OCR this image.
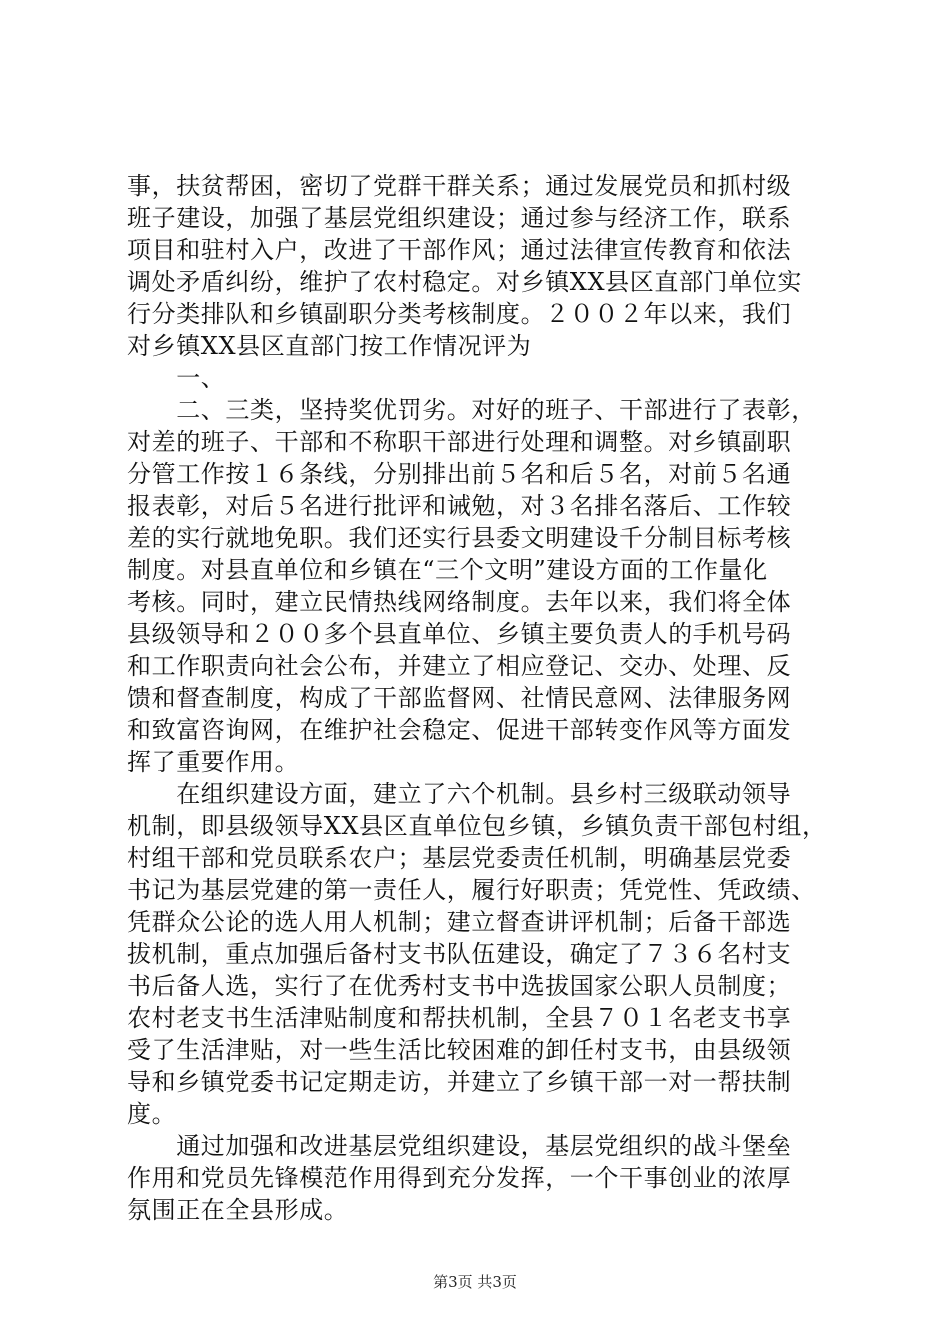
事，扶贫帮困，密切了党群干群关系；通过发展党员和抓村级
班子建设，加强了基层党组织建设；通过参与经济工作，联系
项目和驻村入户，改进了干部作风；通过法律宣传教育和依法
调处矛盾纠纷，维护了农村稳定。对乡镇XX县区直部门单位实
行分类排队和乡镇副职分类考核制度。２００２年以来，我们
对乡镇XX县区直部门按工作情况评为
　　一、
　　二、三类，坚持奖优罚劣。对好的班子、干部进行了表彰，
对差的班子、干部和不称职干部进行处理和调整。对乡镇副职
分管工作按１６条线，分别排出前５名和后５名，对前５名通
报表彰，对后５名进行批评和诫勉，对３名排名落后、工作较
差的实行就地免职。我们还实行县委文明建设千分制目标考核
制度。对县直单位和乡镇在“三个文明”建设方面的工作量化
考核。同时，建立民情热线网络制度。去年以来，我们将全体
县级领导和２００多个县直单位、乡镇主要负责人的手机号码
和工作职责向社会公布，并建立了相应登记、交办、处理、反
馈和督查制度，构成了干部监督网、社情民意网、法律服务网
和致富咨询网，在维护社会稳定、促进干部转变作风等方面发
挥了重要作用。
　　在组织建设方面，建立了六个机制。县乡村三级联动领导
机制，即县级领导XX县区直单位包乡镇，乡镇负责干部包村组，
村组干部和党员联系农户；基层党委责任机制，明确基层党委
书记为基层党建的第一责任人，履行好职责；凭党性、凭政绩、
凭群众公论的选人用人机制；建立督查讲评机制；后备干部选
拔机制，重点加强后备村支书队伍建设，确定了７３６名村支
书后备人选，实行了在优秀村支书中选拔国家公职人员制度；
农村老支书生活津贴制度和帮扶机制，全县７０１名老支书享
受了生活津贴，对一些生活比较困难的卸任村支书，由县级领
导和乡镇党委书记定期走访，并建立了乡镇干部一对一帮扶制
度。
　　通过加强和改进基层党组织建设，基层党组织的战斗堡垒
作用和党员先锋模范作用得到充分发挥，一个干事创业的浓厚
氛围正在全县形成。
第3页 共3页
